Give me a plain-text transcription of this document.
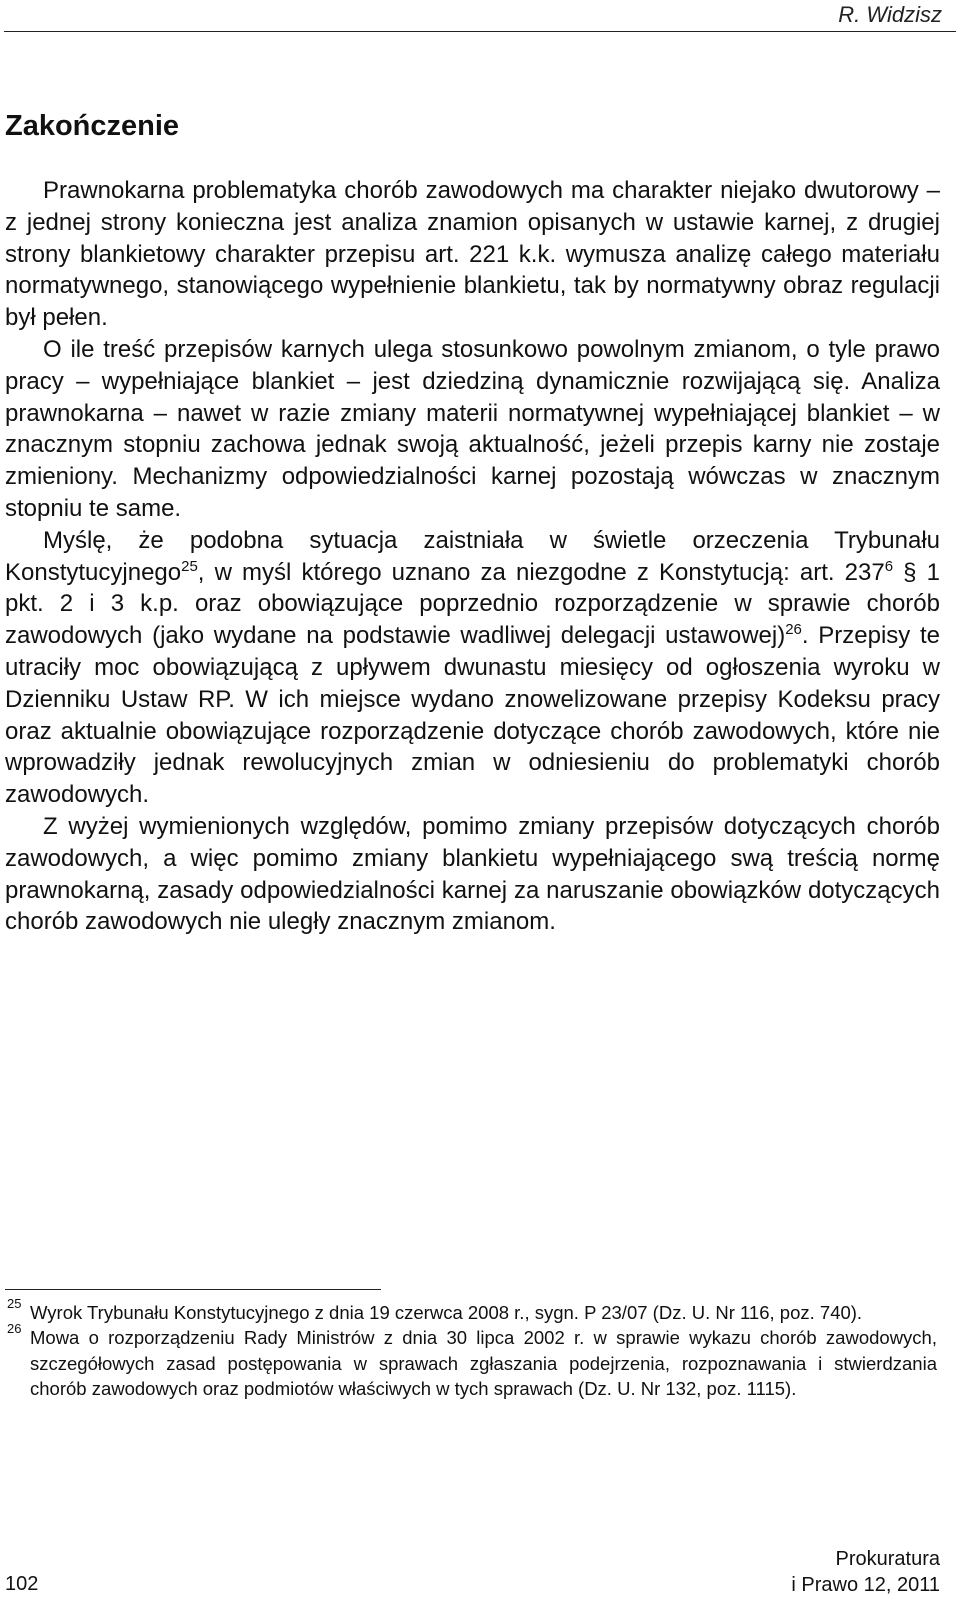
R. Widzisz
Zakończenie

Prawnokarna problematyka chorób zawodowych ma charakter niejako dwutorowy – z jednej strony konieczna jest analiza znamion opisanych w ustawie karnej, z drugiej strony blankietowy charakter przepisu art. 221 k.k. wymusza analizę całego materiału normatywnego, stanowiącego wypełnienie blankietu, tak by normatywny obraz regulacji był pełen.

O ile treść przepisów karnych ulega stosunkowo powolnym zmianom, o tyle prawo pracy – wypełniające blankiet – jest dziedziną dynamicznie rozwijającą się. Analiza prawnokarna – nawet w razie zmiany materii normatywnej wypełniającej blankiet – w znacznym stopniu zachowa jednak swoją aktualność, jeżeli przepis karny nie zostaje zmieniony. Mechanizmy odpowiedzialności karnej pozostają wówczas w znacznym stopniu te same.

Myślę, że podobna sytuacja zaistniała w świetle orzeczenia Trybunału Konstytucyjnego$^{25}$, w myśl którego uznano za niezgodne z Konstytucją: art. $237^6$ § 1 pkt. 2 i 3 k.p. oraz obowiązujące poprzednio rozporządzenie w sprawie chorób zawodowych (jako wydane na podstawie wadliwej delegacji ustawowej)$^{26}$. Przepisy te utraciły moc obowiązującą z upływem dwunastu miesięcy od ogłoszenia wyroku w Dzienniku Ustaw RP. W ich miejsce wydano znowelizowane przepisy Kodeksu pracy oraz aktualnie obowiązujące rozporządzenie dotyczące chorób zawodowych, które nie wprowadziły jednak rewolucyjnych zmian w odniesieniu do problematyki chorób zawodowych.

Z wyżej wymienionych względów, pomimo zmiany przepisów dotyczących chorób zawodowych, a więc pomimo zmiany blankietu wypełniającego swą treścią normę prawnokarną, zasady odpowiedzialności karnej za naruszanie obowiązków dotyczących chorób zawodowych nie uległy znacznym zmianom.

25 Wyrok Trybunału Konstytucyjnego z dnia 19 czerwca 2008 r., sygn. P 23/07 (Dz. U. Nr 116, poz. 740).
26 Mowa o rozporządzeniu Rady Ministrów z dnia 30 lipca 2002 r. w sprawie wykazu chorób zawodowych, szczegółowych zasad postępowania w sprawach zgłaszania podejrzenia, rozpoznawania i stwierdzania chorób zawodowych oraz podmiotów właściwych w tych sprawach (Dz. U. Nr 132, poz. 1115).
102
Prokuratura
i Prawo 12, 2011
